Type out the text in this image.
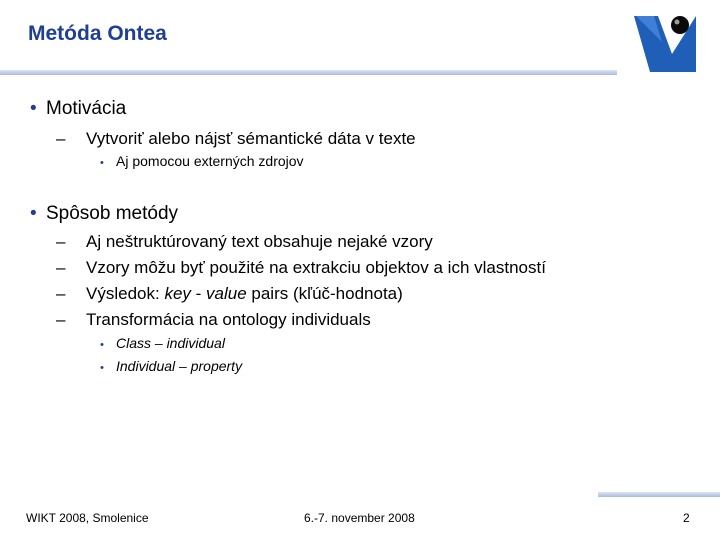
Metóda Ontea
• Motivácia
–	Vytvoriť alebo nájsť sémantické dáta v texte
• Aj pomocou externých zdrojov
• Spôsob metódy
–	Aj neštruktúrovaný text obsahuje nejaké vzory
–	Vzory môžu byť použité na extrakciu objektov a ich vlastností
–	Výsledok: key - value pairs (kľúč-hodnota)
–	Transformácia na ontology individuals
• Class – individual
• Individual – property
WIKT 2008, Smolenice	6.-7. november 2008	2
